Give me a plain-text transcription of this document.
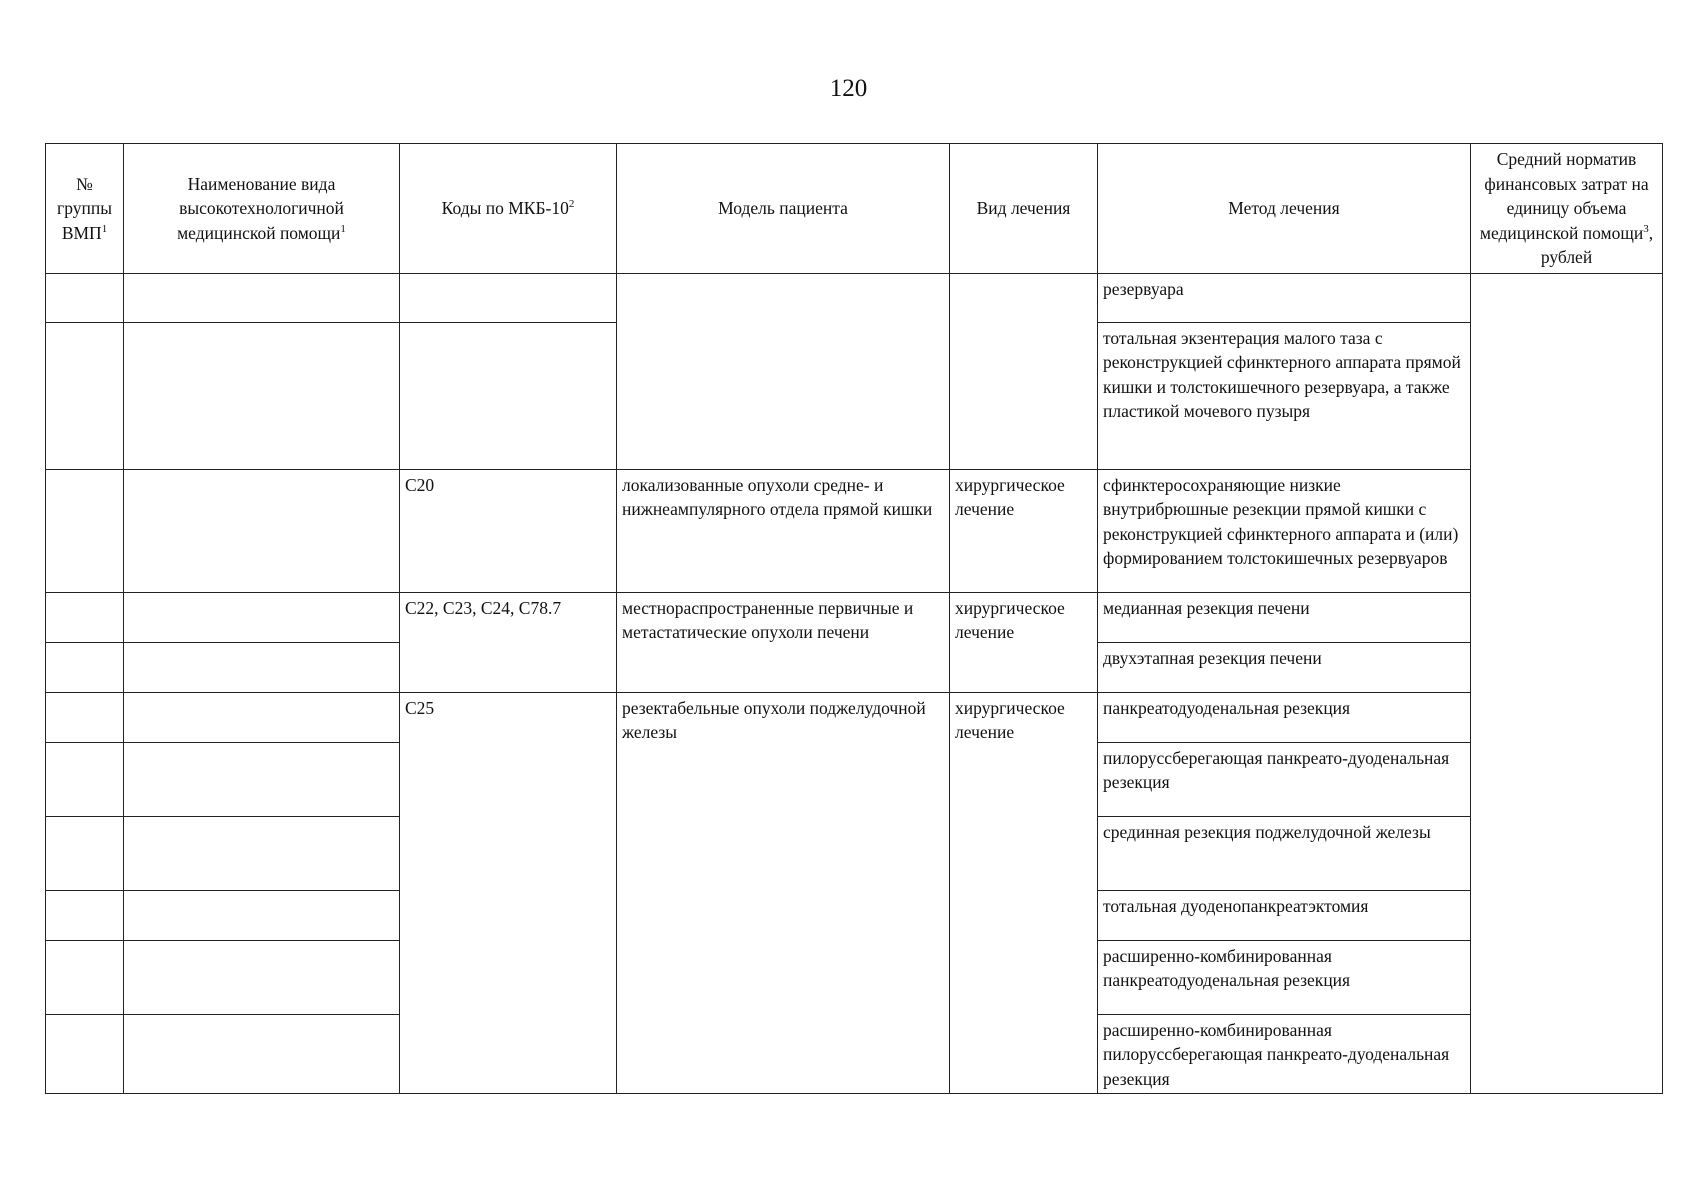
120
№ группы ВМП$^1$	Наименование вида высокотехнологичной медицинской помощи$^1$	Коды по МКБ-$10^2$	Модель пациента	Вид лечения	Метод лечения	Средний норматив финансовых затрат на единицу объема медицинской помощи$^3$, рублей
					резервуара	
					тотальная экзентерация малого таза с реконструкцией сфинктерного аппарата прямой кишки и толстокишечного резервуара, а также пластикой мочевого пузыря	
		C20	локализованные опухоли средне- и нижнеампулярного отдела прямой кишки	хирургическое лечение	сфинктеросохраняющие низкие внутрибрюшные резекции прямой кишки с реконструкцией сфинктерного аппарата и (или) формированием толстокишечных резервуаров	
		C22, C23, C24, C78.7	местнораспространенные первичные и метастатические опухоли печени	хирургическое лечение	медианная резекция печени	
					двухэтапная резекция печени	
		C25	резектабельные опухоли поджелудочной железы	хирургическое лечение	панкреатодуоденальная резекция	
					пилоруссберегающая панкреато-дуоденальная резекция	
					срединная резекция поджелудочной железы	
					тотальная дуоденопанкреатэктомия	
					расширенно-комбинированная панкреатодуоденальная резекция	
					расширенно-комбинированная пилоруссберегающая панкреато-дуоденальная резекция	
